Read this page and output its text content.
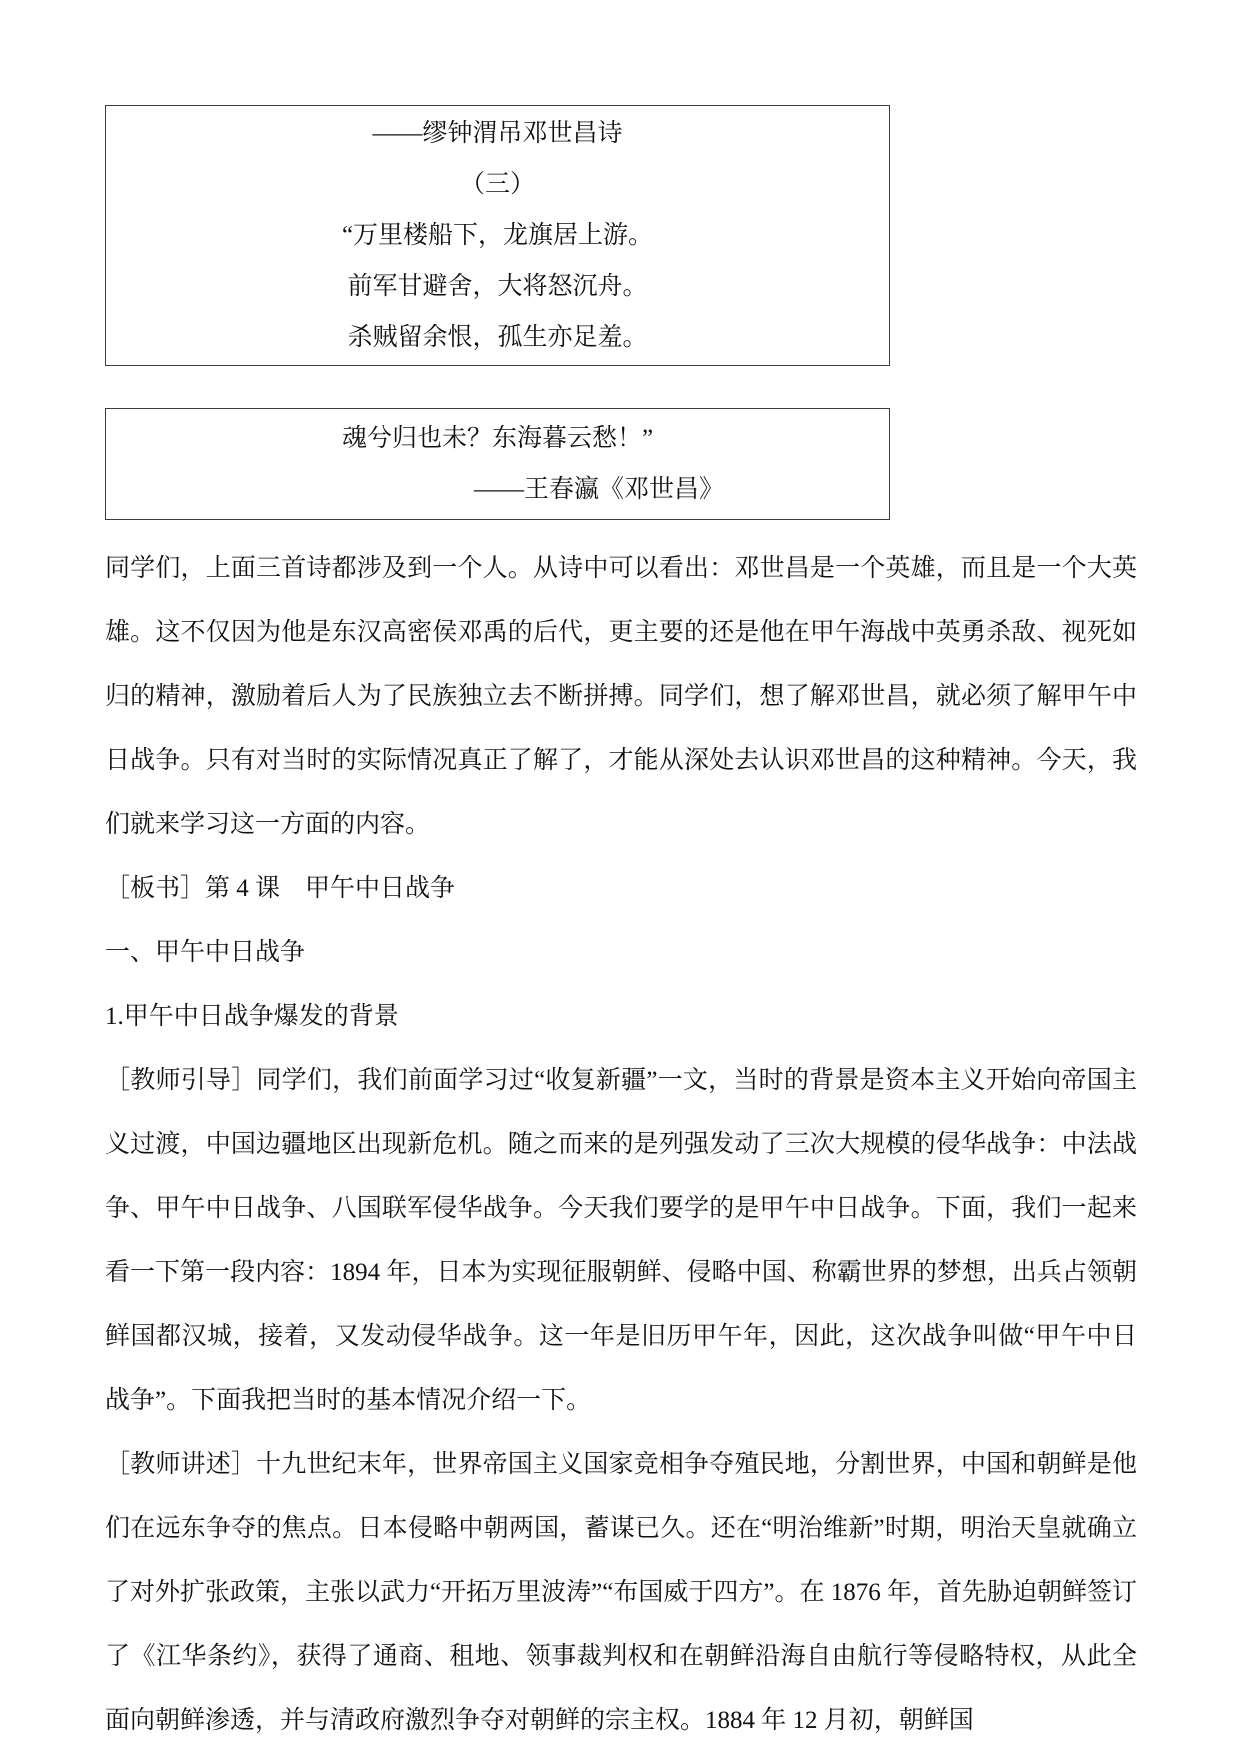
——缪钟渭吊邓世昌诗
（三）
“万里楼船下，龙旗居上游。
前军甘避舍，大将怒沉舟。
杀贼留余恨，孤生亦足羞。
魂兮归也未？东海暮云愁！”
——王春瀛《邓世昌》
同学们，上面三首诗都涉及到一个人。从诗中可以看出：邓世昌是一个英雄，而且是一个大英雄。这不仅因为他是东汉高密侯邓禹的后代，更主要的还是他在甲午海战中英勇杀敌、视死如归的精神，激励着后人为了民族独立去不断拼搏。同学们，想了解邓世昌，就必须了解甲午中日战争。只有对当时的实际情况真正了解了，才能从深处去认识邓世昌的这种精神。今天，我们就来学习这一方面的内容。
［板书］第 4 课　甲午中日战争
一、甲午中日战争
1.甲午中日战争爆发的背景
［教师引导］同学们，我们前面学习过“收复新疆”一文，当时的背景是资本主义开始向帝国主义过渡，中国边疆地区出现新危机。随之而来的是列强发动了三次大规模的侵华战争：中法战争、甲午中日战争、八国联军侵华战争。今天我们要学的是甲午中日战争。下面，我们一起来看一下第一段内容：1894 年，日本为实现征服朝鲜、侵略中国、称霸世界的梦想，出兵占领朝鲜国都汉城，接着，又发动侵华战争。这一年是旧历甲午年，因此，这次战争叫做“甲午中日战争”。下面我把当时的基本情况介绍一下。
［教师讲述］十九世纪末年，世界帝国主义国家竞相争夺殖民地，分割世界，中国和朝鲜是他们在远东争夺的焦点。日本侵略中朝两国，蓄谋已久。还在“明治维新”时期，明治天皇就确立了对外扩张政策，主张以武力“开拓万里波涛”“布国威于四方”。在 1876 年，首先胁迫朝鲜签订了《江华条约》，获得了通商、租地、领事裁判权和在朝鲜沿海自由航行等侵略特权，从此全面向朝鲜渗透，并与清政府激烈争夺对朝鲜的宗主权。1884 年 12 月初，朝鲜国
